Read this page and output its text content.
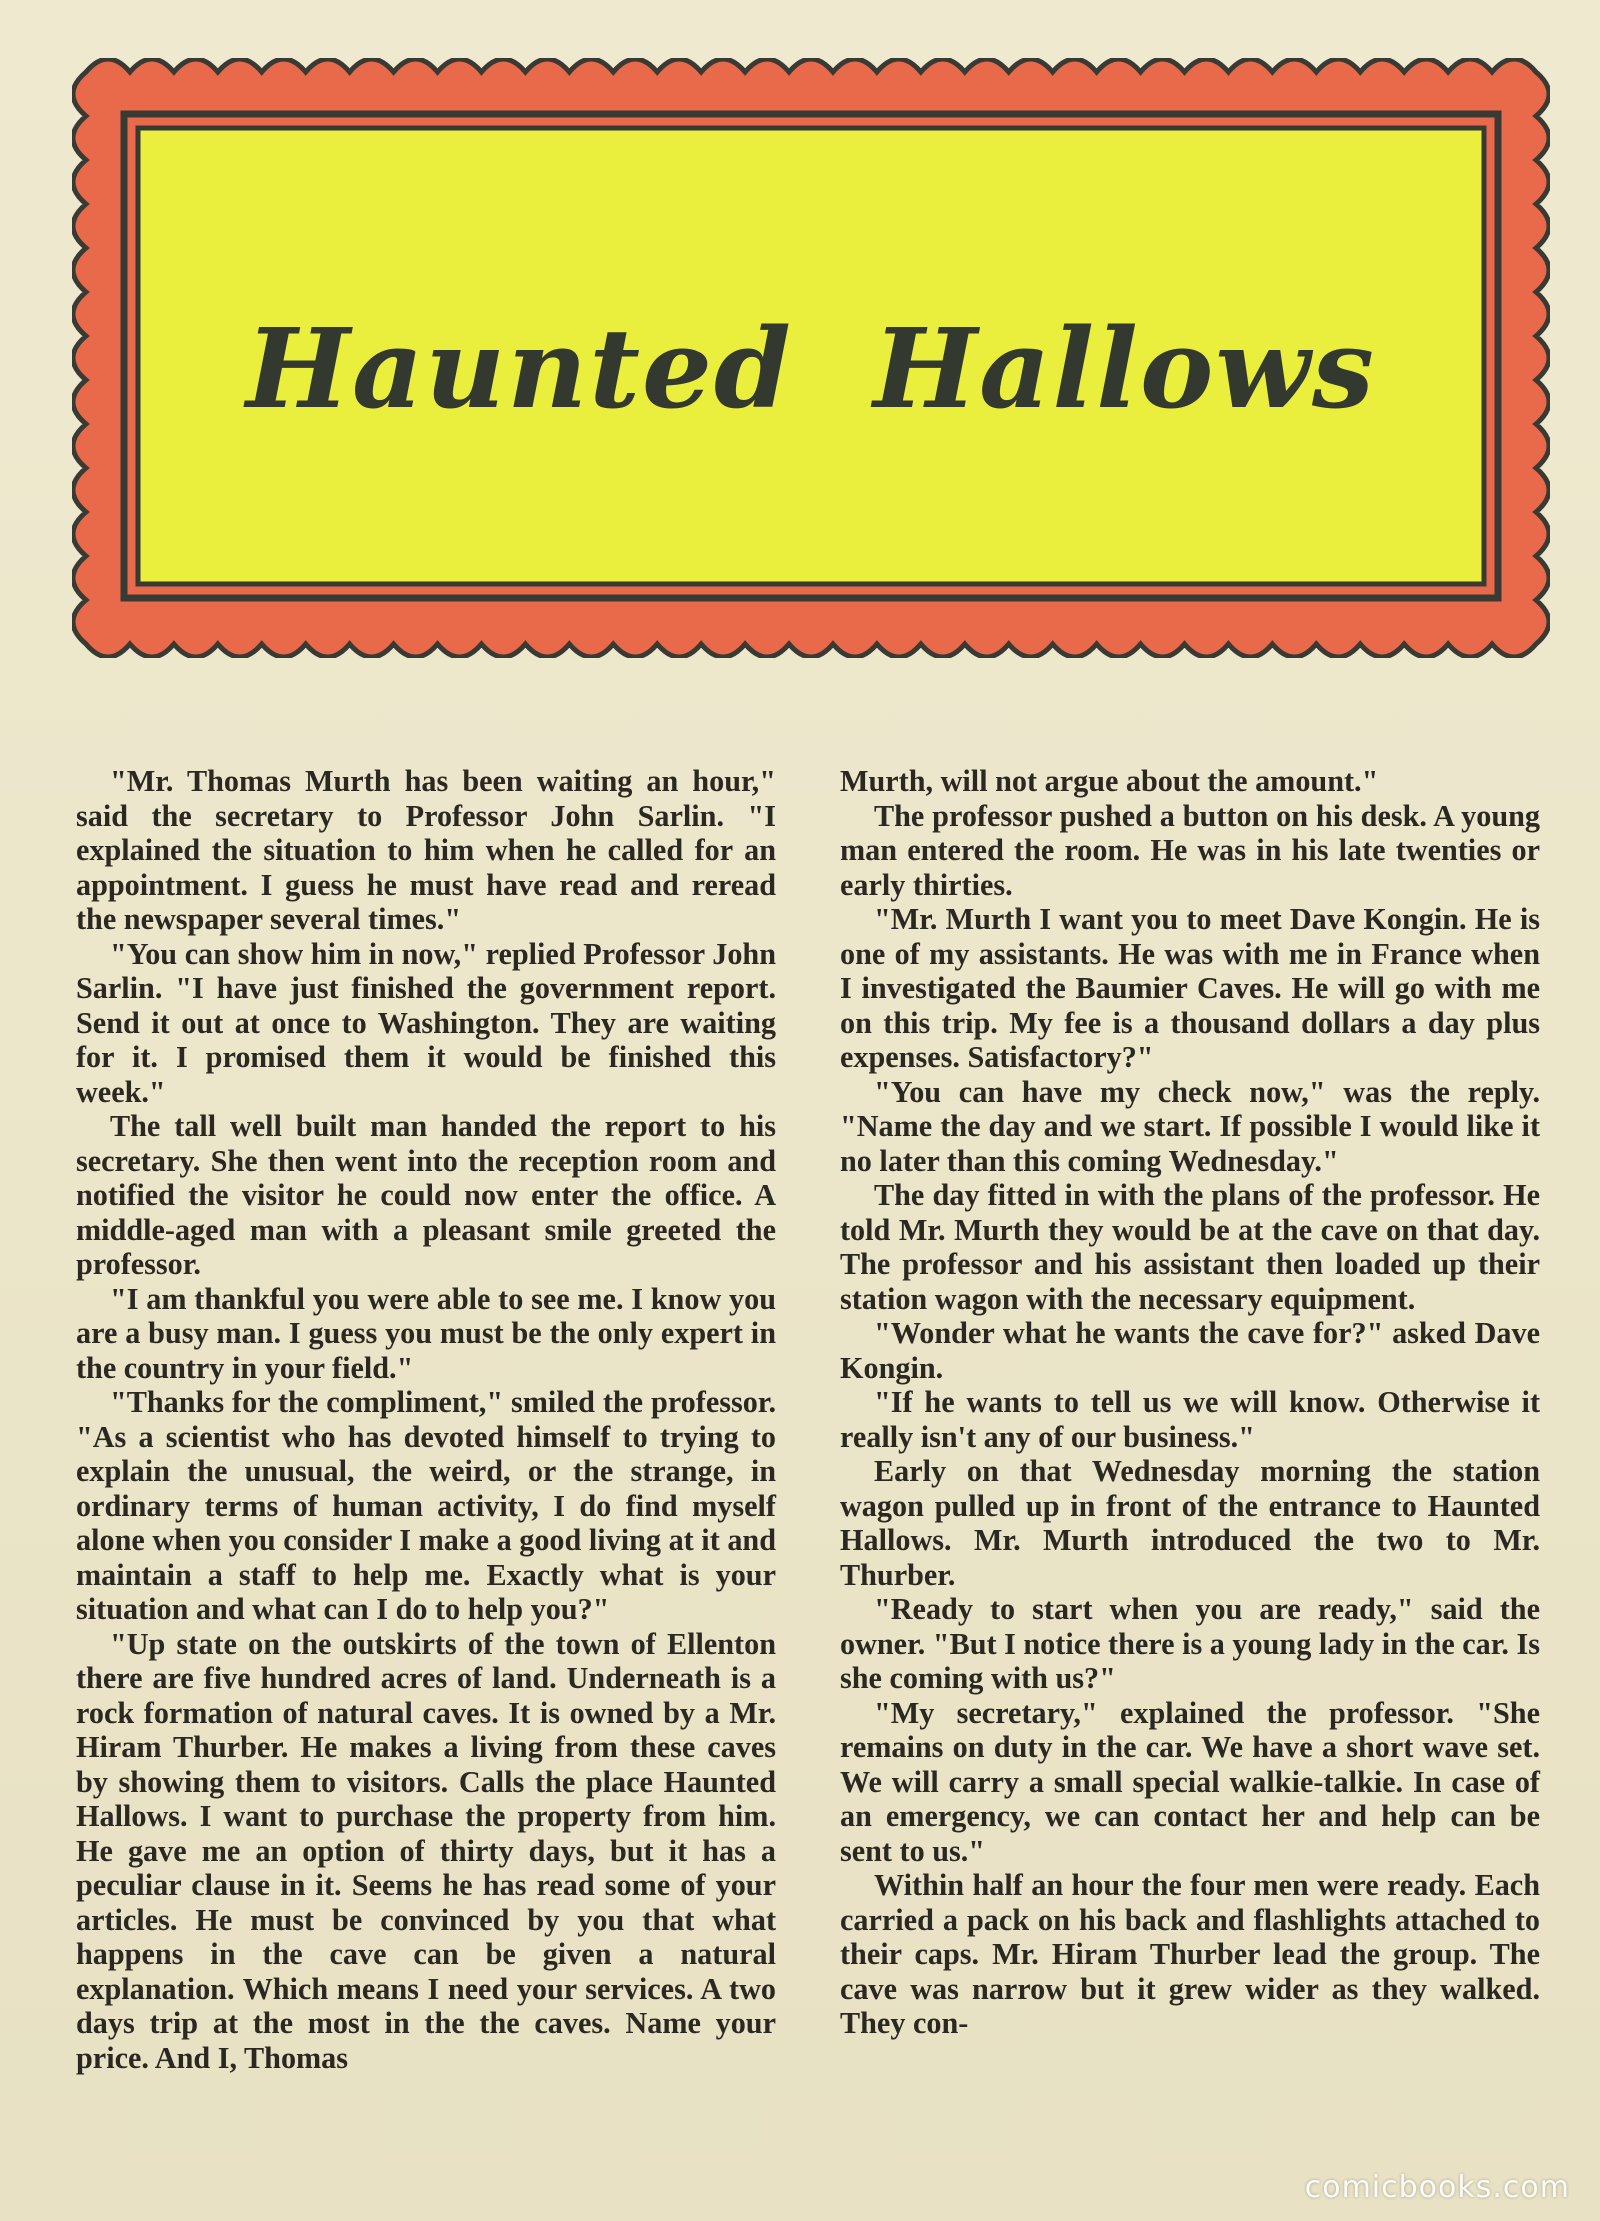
Haunted Hallows

"Mr. Thomas Murth has been waiting an hour," said the secretary to Professor John Sarlin. "I explained the situation to him when he called for an appointment. I guess he must have read and reread the newspaper several times."

"You can show him in now," replied Professor John Sarlin. "I have just finished the government report. Send it out at once to Washington. They are waiting for it. I promised them it would be finished this week."

The tall well built man handed the report to his secretary. She then went into the reception room and notified the visitor he could now enter the office. A middle-aged man with a pleasant smile greeted the professor.

"I am thankful you were able to see me. I know you are a busy man. I guess you must be the only expert in the country in your field."

"Thanks for the compliment," smiled the professor. "As a scientist who has devoted himself to trying to explain the unusual, the weird, or the strange, in ordinary terms of human activity, I do find myself alone when you consider I make a good living at it and maintain a staff to help me. Exactly what is your situation and what can I do to help you?"

"Up state on the outskirts of the town of Ellenton there are five hundred acres of land. Underneath is a rock formation of natural caves. It is owned by a Mr. Hiram Thurber. He makes a living from these caves by showing them to visitors. Calls the place Haunted Hallows. I want to purchase the property from him. He gave me an option of thirty days, but it has a peculiar clause in it. Seems he has read some of your articles. He must be convinced by you that what happens in the cave can be given a natural explanation. Which means I need your services. A two days trip at the most in the the caves. Name your price. And I, Thomas

Murth, will not argue about the amount."

The professor pushed a button on his desk. A young man entered the room. He was in his late twenties or early thirties.

"Mr. Murth I want you to meet Dave Kongin. He is one of my assistants. He was with me in France when I investigated the Baumier Caves. He will go with me on this trip. My fee is a thousand dollars a day plus expenses. Satisfactory?"

"You can have my check now," was the reply. "Name the day and we start. If possible I would like it no later than this coming Wednesday."

The day fitted in with the plans of the professor. He told Mr. Murth they would be at the cave on that day. The professor and his assistant then loaded up their station wagon with the necessary equipment.

"Wonder what he wants the cave for?" asked Dave Kongin.

"If he wants to tell us we will know. Otherwise it really isn't any of our business."

Early on that Wednesday morning the station wagon pulled up in front of the entrance to Haunted Hallows. Mr. Murth introduced the two to Mr. Thurber.

"Ready to start when you are ready," said the owner. "But I notice there is a young lady in the car. Is she coming with us?"

"My secretary," explained the professor. "She remains on duty in the car. We have a short wave set. We will carry a small special walkie-talkie. In case of an emergency, we can contact her and help can be sent to us."

Within half an hour the four men were ready. Each carried a pack on his back and flashlights attached to their caps. Mr. Hiram Thurber lead the group. The cave was narrow but it grew wider as they walked. They con-

comicbooks.com
